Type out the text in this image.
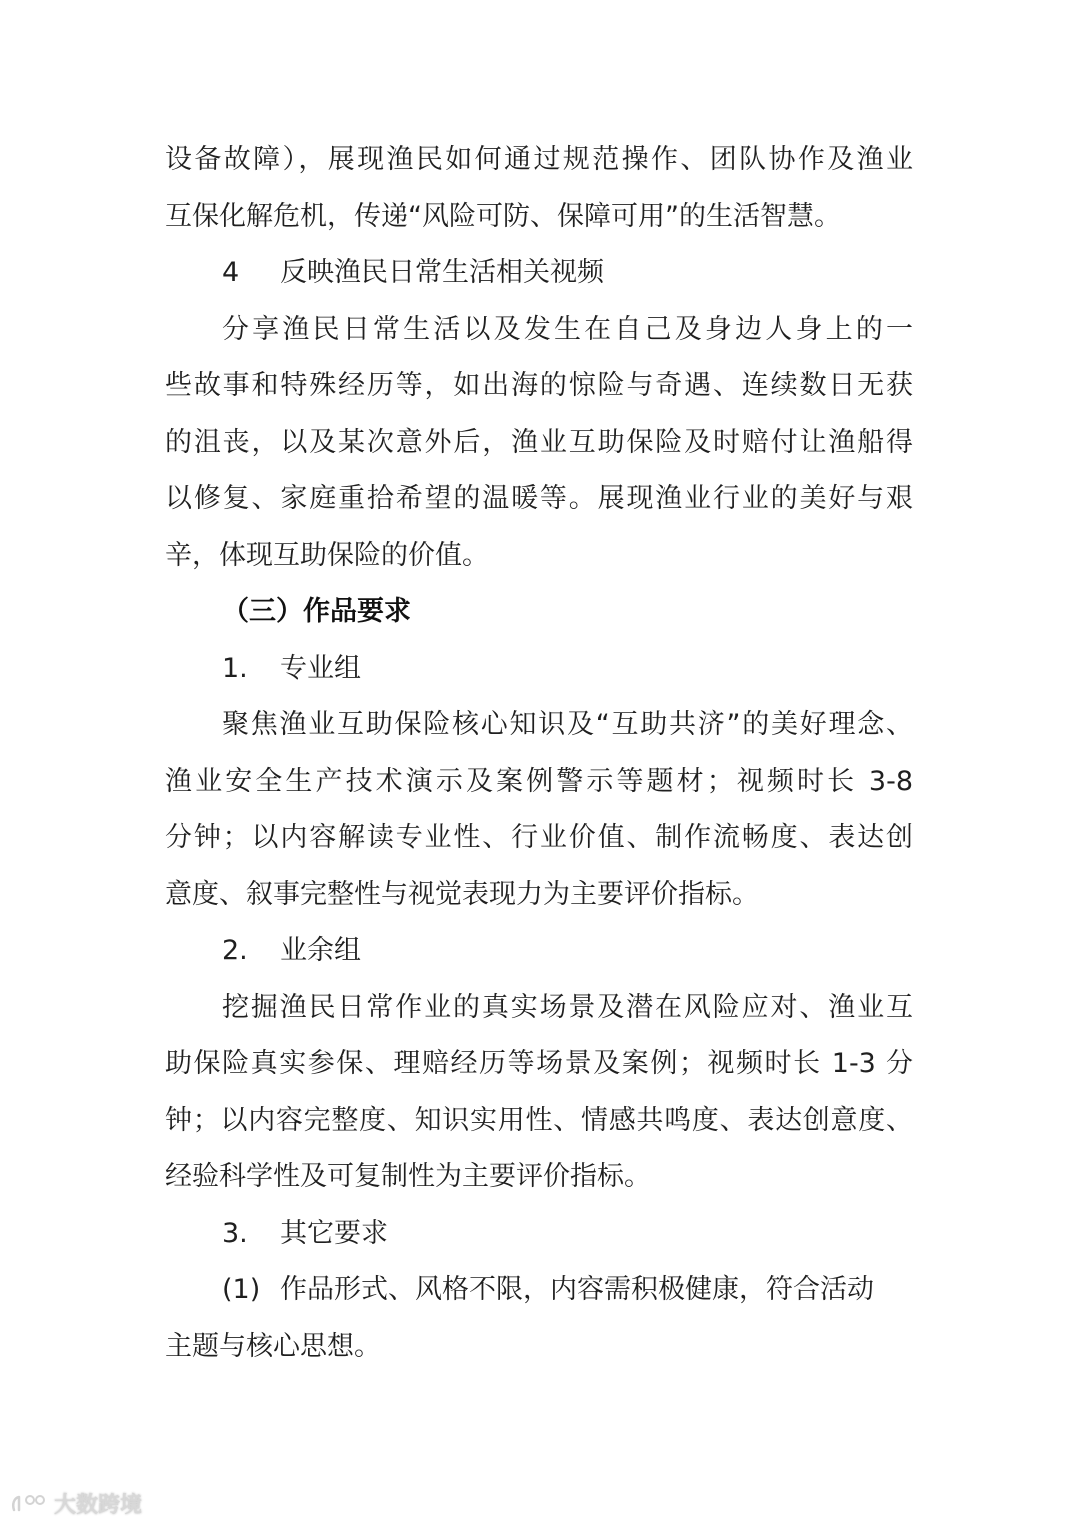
设备故障），展现渔民如何通过规范操作、团队协作及渔业
互保化解危机，传递“风险可防、保障可用”的生活智慧。
4 反映渔民日常生活相关视频
分享渔民日常生活以及发生在自己及身边人身上的一
些故事和特殊经历等，如出海的惊险与奇遇、连续数日无获
的沮丧，以及某次意外后，渔业互助保险及时赔付让渔船得
以修复、家庭重拾希望的温暖等。展现渔业行业的美好与艰
辛，体现互助保险的价值。
（三）作品要求
1. 专业组
聚焦渔业互助保险核心知识及“互助共济”的美好理念、
渔业安全生产技术演示及案例警示等题材；视频时长 3-8
分钟；以内容解读专业性、行业价值、制作流畅度、表达创
意度、叙事完整性与视觉表现力为主要评价指标。
2. 业余组
挖掘渔民日常作业的真实场景及潜在风险应对、渔业互
助保险真实参保、理赔经历等场景及案例；视频时长 1-3 分
钟；以内容完整度、知识实用性、情感共鸣度、表达创意度、
经验科学性及可复制性为主要评价指标。
3. 其它要求
(1) 作品形式、风格不限，内容需积极健康，符合活动
主题与核心思想。
大数跨境
